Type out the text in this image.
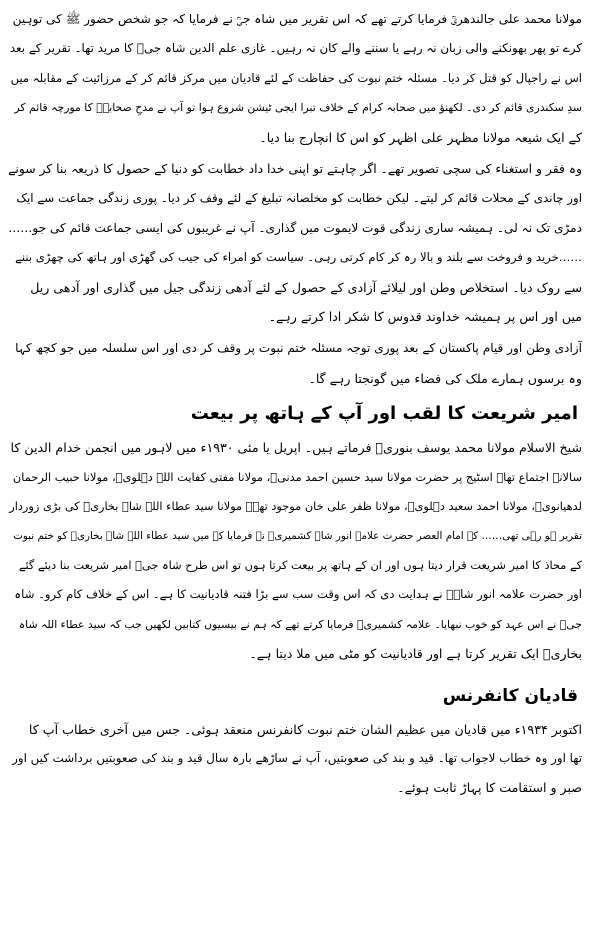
مولانا محمد علی جالندھریؒ فرمایا کرتے تھے کہ اس تقریر میں شاہ جیؒ نے فرمایا کہ جو شخص حضور ﷺ کی توہین
کرے تو پھر بھونکنے والی زبان نہ رہے یا سننے والے کان نہ رہیں۔ غازی علم الدین شاہ جیؒ کا مرید تھا۔ تقریر کے بعد
اس نے راجپال کو قتل کر دیا۔ مسئلہ ختم نبوت کی حفاظت کے لئے قادیان میں مرکز قائم کر کے مرزائیت کے مقابلہ میں
سدِ سکندری قائم کر دی۔ لکھنؤ میں صحابہ کرام کے خلاف تبرا ایجی ٹیشن شروع ہوا تو آپ نے مدحِ صحابہؓ کا مورچہ قائم کر
کے ایک شیعہ مولانا مظہر علی اظہر کو اس کا انچارج بنا دیا۔
وہ فقر و استغناء کی سچی تصویر تھے۔ اگر چاہتے تو اپنی خدا داد خطابت کو دنیا کے حصول کا ذریعہ بنا کر سونے
اور چاندی کے محلات قائم کر لیتے۔ لیکن خطابت کو مخلصانہ تبلیغ کے لئے وقف کر دیا۔ پوری زندگی جماعت سے ایک
دمڑی تک نہ لی۔ ہمیشہ ساری زندگی قوت لایموت میں گذاری۔ آپ نے غریبوں کی ایسی جماعت قائم کی جو……
……خرید و فروخت سے بلند و بالا رہ کر کام کرتی رہی۔ سیاست کو امراء کی جیب کی گھڑی اور ہاتھ کی چھڑی بننے
سے روک دیا۔ استخلاص وطن اور لیلائے آزادی کے حصول کے لئے آدھی زندگی جیل میں گذاری اور آدھی ریل
میں اور اس پر ہمیشہ خداوند قدوس کا شکر ادا کرتے رہے۔
آزادی وطن اور قیام پاکستان کے بعد پوری توجہ مسئلہ ختم نبوت پر وقف کر دی اور اس سلسلہ میں جو کچھ کہا
وہ برسوں ہمارے ملک کی فضاء میں گونجتا رہے گا۔
امیر شریعت کا لقب اور آپ کے ہاتھ پر بیعت
شیخ الاسلام مولانا محمد یوسف بنوریؒ فرماتے ہیں۔ اپریل یا مئی ۱۹۳۰ء میں لاہور میں انجمن خدام الدین کا
سالانہ اجتماع تھا۔ اسٹیج پر حضرت مولانا سید حسین احمد مدنیؒ، مولانا مفتی کفایت اللہ دہلویؒ، مولانا حبیب الرحمان
لدھیانویؒ، مولانا احمد سعید دہلویؒ، مولانا ظفر علی خان موجود تھے۔ مولانا سید عطاء اللہ شاہ بخاریؒ کی بڑی زوردار
تقریر ہو رہی تھی…… کہ امام العصر حضرت علامہ انور شاہ کشمیریؒ نے فرمایا کہ میں سید عطاء اللہ شاہ بخاریؒ کو ختم نبوت
کے محاذ کا امیر شریعت قرار دیتا ہوں اور ان کے ہاتھ پر بیعت کرتا ہوں تو اس طرح شاہ جیؒ امیر شریعت بنا دیئے گئے
اور حضرت علامہ انور شاہؒ نے ہدایت دی کہ اس وقت سب سے بڑا فتنہ قادیانیت کا ہے۔ اس کے خلاف کام کرو۔ شاہ
جیؒ نے اس عہد کو خوب نبھایا۔ علامہ کشمیریؒ فرمایا کرتے تھے کہ ہم نے بیسیوں کتابیں لکھیں جب کہ سید عطاء اللہ شاہ
بخاریؒ ایک تقریر کرتا ہے اور قادیانیت کو مٹی میں ملا دیتا ہے۔
قادیان کانفرنس
اکتوبر ۱۹۳۴ء میں قادیان میں عظیم الشان ختم نبوت کانفرنس منعقد ہوئی۔ جس میں آخری خطاب آپ کا
تھا اور وہ خطاب لاجواب تھا۔ قید و بند کی صعوبتیں، آپ نے ساڑھے بارہ سال قید و بند کی صعوبتیں برداشت کیں اور
صبر و استقامت کا پہاڑ ثابت ہوئے۔
